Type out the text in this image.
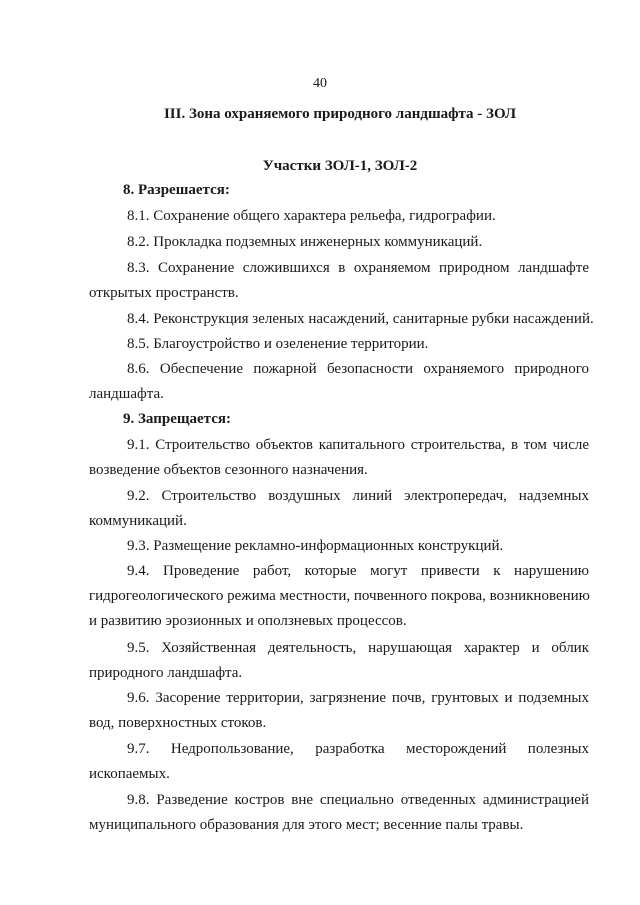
40
III. Зона охраняемого природного ландшафта - ЗОЛ
Участки ЗОЛ-1, ЗОЛ-2
8. Разрешается:
8.1. Сохранение общего характера рельефа, гидрографии.
8.2. Прокладка подземных инженерных коммуникаций.
8.3. Сохранение сложившихся в охраняемом природном ландшафте
открытых пространств.
8.4. Реконструкция зеленых насаждений, санитарные рубки насаждений.
8.5. Благоустройство и озеленение территории.
8.6. Обеспечение пожарной безопасности охраняемого природного
ландшафта.
9. Запрещается:
9.1. Строительство объектов капитального строительства, в том числе
возведение объектов сезонного назначения.
9.2. Строительство воздушных линий электропередач, надземных
коммуникаций.
9.3. Размещение рекламно-информационных конструкций.
9.4. Проведение работ, которые могут привести к нарушению
гидрогеологического режима местности, почвенного покрова, возникновению
и развитию эрозионных и оползневых процессов.
9.5. Хозяйственная деятельность, нарушающая характер и облик
природного ландшафта.
9.6. Засорение территории, загрязнение почв, грунтовых и подземных
вод, поверхностных стоков.
9.7. Недропользование, разработка месторождений полезных
ископаемых.
9.8. Разведение костров вне специально отведенных администрацией
муниципального образования для этого мест; весенние палы травы.
